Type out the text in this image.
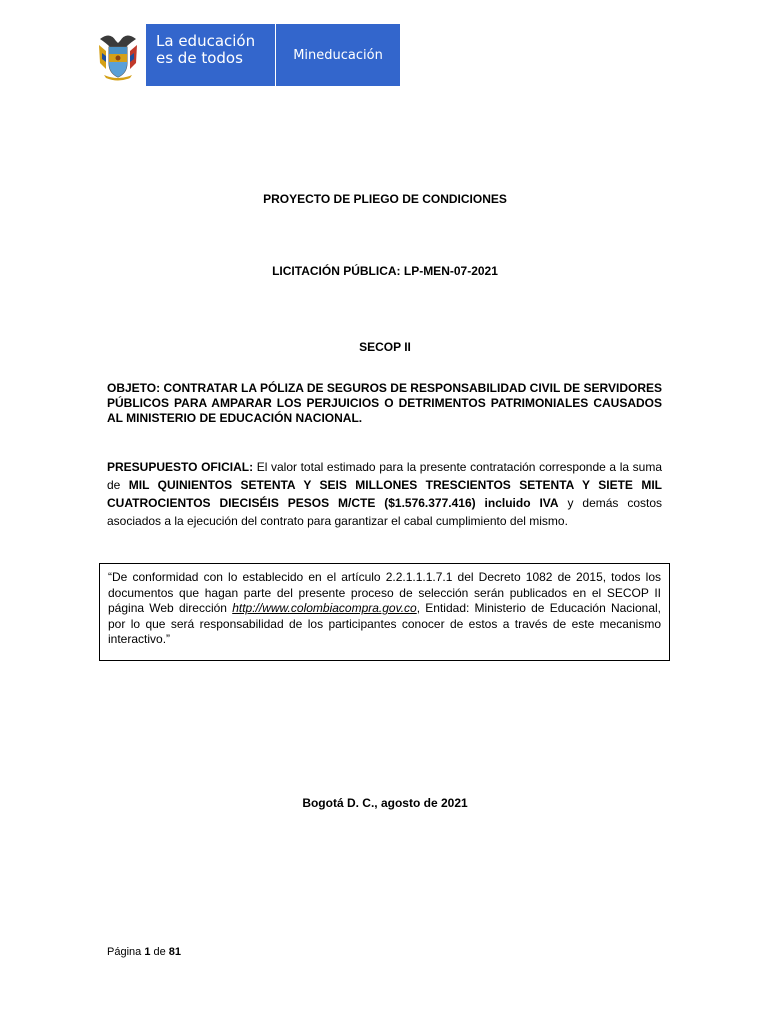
La educación
es de todos	Mineducación
PROYECTO DE PLIEGO DE CONDICIONES
LICITACIÓN PÚBLICA: LP-MEN-07-2021
SECOP II
OBJETO: CONTRATAR LA PÓLIZA DE SEGUROS DE RESPONSABILIDAD CIVIL DE SERVIDORES PÚBLICOS PARA AMPARAR LOS PERJUICIOS O DETRIMENTOS PATRIMONIALES CAUSADOS AL MINISTERIO DE EDUCACIÓN NACIONAL.
PRESUPUESTO OFICIAL: El valor total estimado para la presente contratación corresponde a la suma de MIL QUINIENTOS SETENTA Y SEIS MILLONES TRESCIENTOS SETENTA Y SIETE MIL CUATROCIENTOS DIECISÉIS PESOS M/CTE ($1.576.377.416) incluido IVA y demás costos asociados a la ejecución del contrato para garantizar el cabal cumplimiento del mismo.
“De conformidad con lo establecido en el artículo 2.2.1.1.1.7.1 del Decreto 1082 de 2015, todos los documentos que hagan parte del presente proceso de selección serán publicados en el SECOP II página Web dirección http://www.colombiacompra.gov.co, Entidad: Ministerio de Educación Nacional, por lo que será responsabilidad de los participantes conocer de estos a través de este mecanismo interactivo.”
Bogotá D. C., agosto de 2021
Página 1 de 81
